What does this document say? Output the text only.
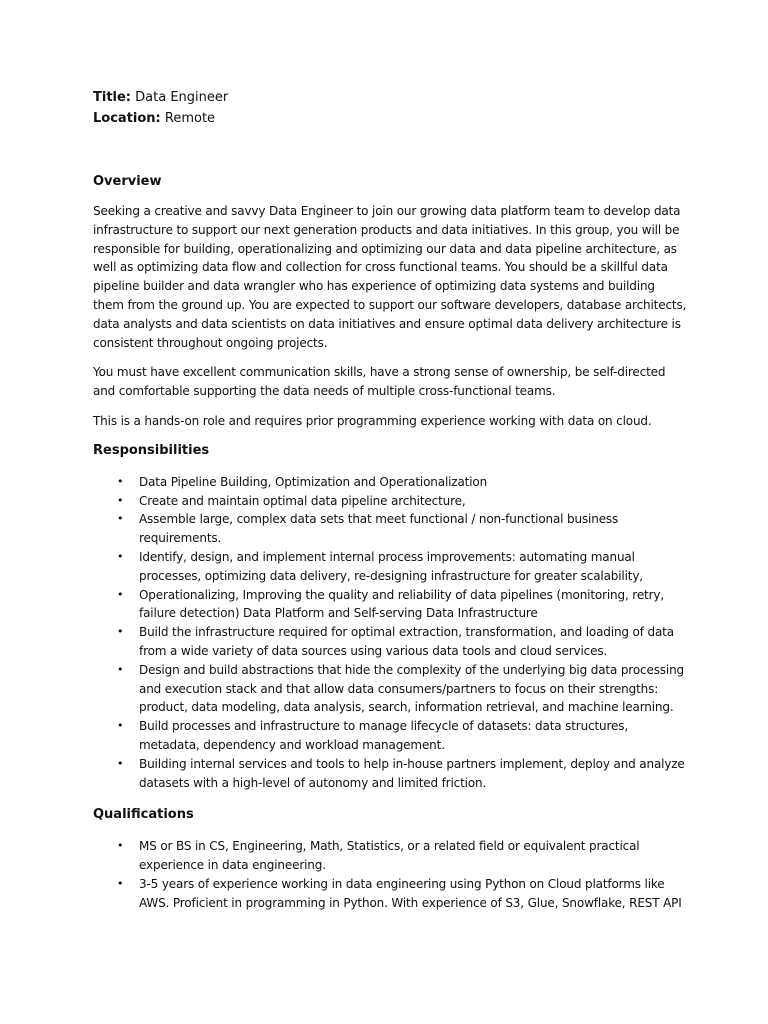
Title: Data Engineer

Location: Remote

Overview

Seeking a creative and savvy Data Engineer to join our growing data platform team to develop data infrastructure to support our next generation products and data initiatives. In this group, you will be responsible for building, operationalizing and optimizing our data and data pipeline architecture, as well as optimizing data flow and collection for cross functional teams. You should be a skillful data pipeline builder and data wrangler who has experience of optimizing data systems and building them from the ground up. You are expected to support our software developers, database architects, data analysts and data scientists on data initiatives and ensure optimal data delivery architecture is consistent throughout ongoing projects.

You must have excellent communication skills, have a strong sense of ownership, be self-directed and comfortable supporting the data needs of multiple cross-functional teams.

This is a hands-on role and requires prior programming experience working with data on cloud.

Responsibilities
• Data Pipeline Building, Optimization and Operationalization
• Create and maintain optimal data pipeline architecture,
• Assemble large, complex data sets that meet functional / non-functional business requirements.
• Identify, design, and implement internal process improvements: automating manual processes, optimizing data delivery, re-designing infrastructure for greater scalability,
• Operationalizing, Improving the quality and reliability of data pipelines (monitoring, retry, failure detection) Data Platform and Self-serving Data Infrastructure
• Build the infrastructure required for optimal extraction, transformation, and loading of data from a wide variety of data sources using various data tools and cloud services.
• Design and build abstractions that hide the complexity of the underlying big data processing and execution stack and that allow data consumers/partners to focus on their strengths: product, data modeling, data analysis, search, information retrieval, and machine learning.
• Build processes and infrastructure to manage lifecycle of datasets: data structures, metadata, dependency and workload management.
• Building internal services and tools to help in-house partners implement, deploy and analyze datasets with a high-level of autonomy and limited friction.
Qualifications
• MS or BS in CS, Engineering, Math, Statistics, or a related field or equivalent practical experience in data engineering.
• 3-5 years of experience working in data engineering using Python on Cloud platforms like AWS. Proficient in programming in Python. With experience of S3, Glue, Snowflake, REST API
